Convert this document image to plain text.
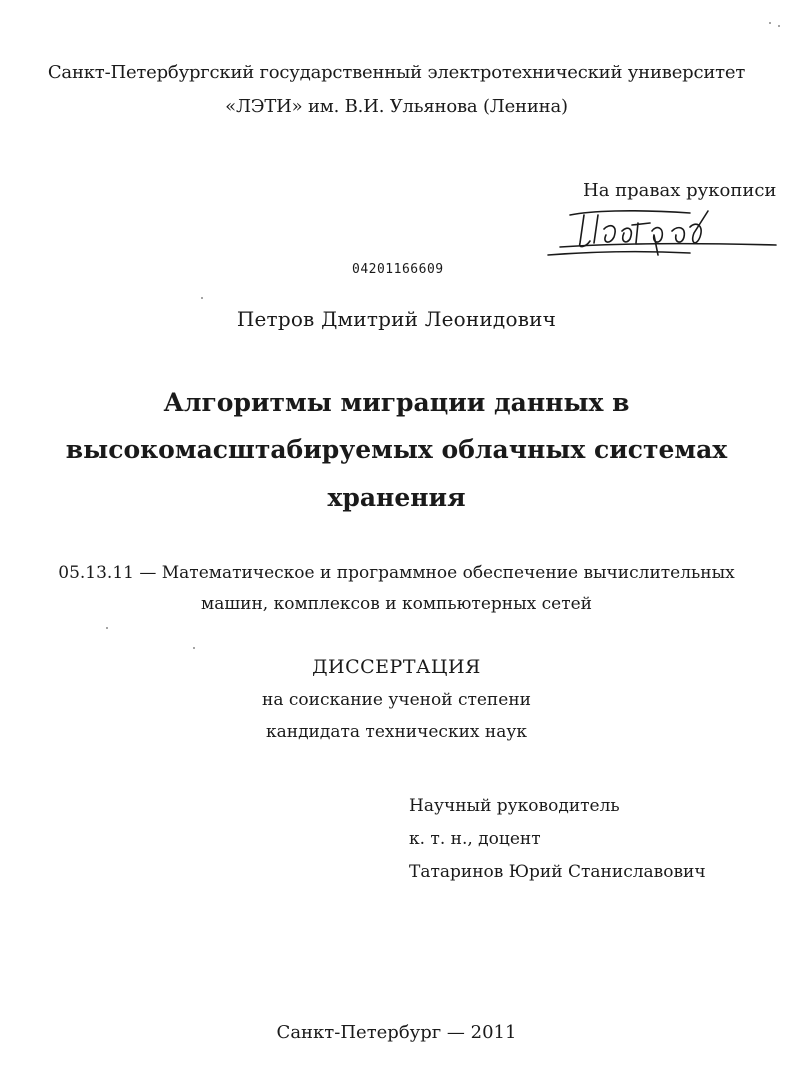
Санкт-Петербургский государственный электротехнический университет
«ЛЭТИ» им. В.И. Ульянова (Ленина)
На правах рукописи
04201166609
Петров Дмитрий Леонидович
Алгоритмы миграции данных в
высокомасштабируемых облачных системах
хранения
05.13.11 — Математическое и программное обеспечение вычислительных
машин, комплексов и компьютерных сетей
ДИССЕРТАЦИЯ
на соискание ученой степени
кандидата технических наук
Научный руководитель
к. т. н., доцент
Татаринов Юрий Станиславович
Санкт-Петербург — 2011
